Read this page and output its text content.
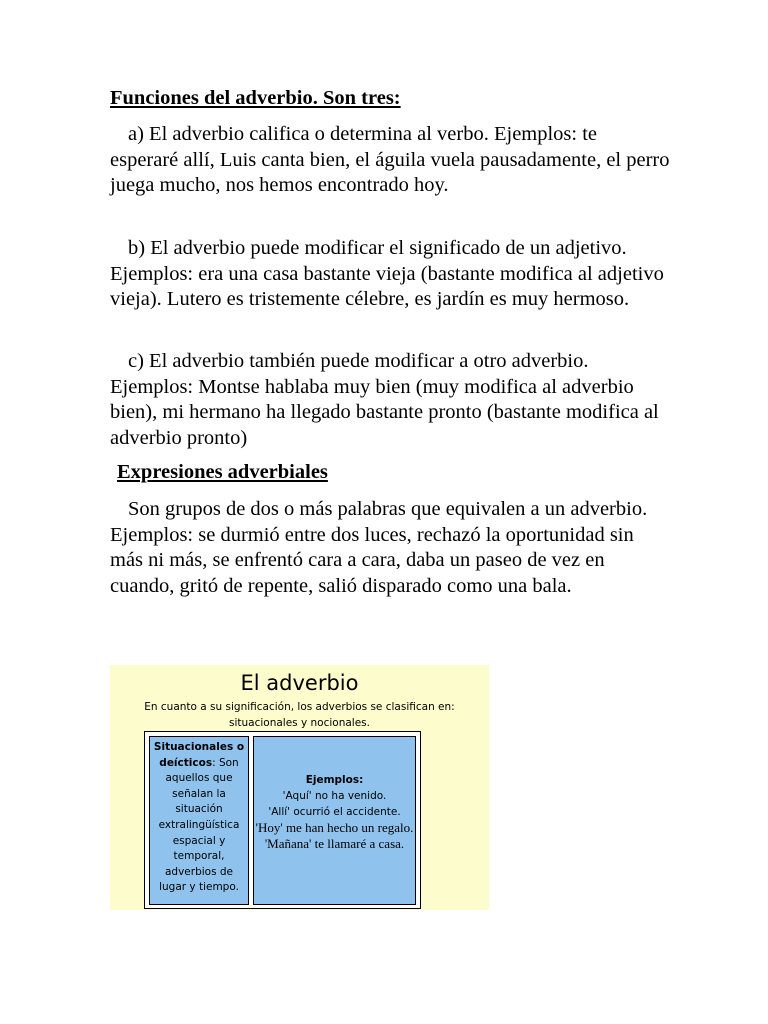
Funciones del adverbio. Son tres:

a) El adverbio califica o determina al verbo. Ejemplos: te esperaré allí, Luis canta bien, el águila vuela pausadamente, el perro juega mucho, nos hemos encontrado hoy.

b) El adverbio puede modificar el significado de un adjetivo. Ejemplos: era una casa bastante vieja (bastante modifica al adjetivo vieja). Lutero es tristemente célebre, es jardín es muy hermoso.

c) El adverbio también puede modificar a otro adverbio. Ejemplos: Montse hablaba muy bien (muy modifica al adverbio bien), mi hermano ha llegado bastante pronto (bastante modifica al adverbio pronto)

Expresiones adverbiales

Son grupos de dos o más palabras que equivalen a un adverbio. Ejemplos: se durmió entre dos luces, rechazó la oportunidad sin más ni más, se enfrentó cara a cara, daba un paseo de vez en cuando, gritó de repente, salió disparado como una bala.

El adverbio
En cuanto a su significación, los adverbios se clasifican en: situacionales y nocionales.
Situacionales o deícticos: Son aquellos que señalan la situación extralingüística espacial y temporal, adverbios de lugar y tiempo.
Ejemplos:
'Aquí' no ha venido.
'Allí' ocurrió el accidente.
'Hoy' me han hecho un regalo.
'Mañana' te llamaré a casa.
